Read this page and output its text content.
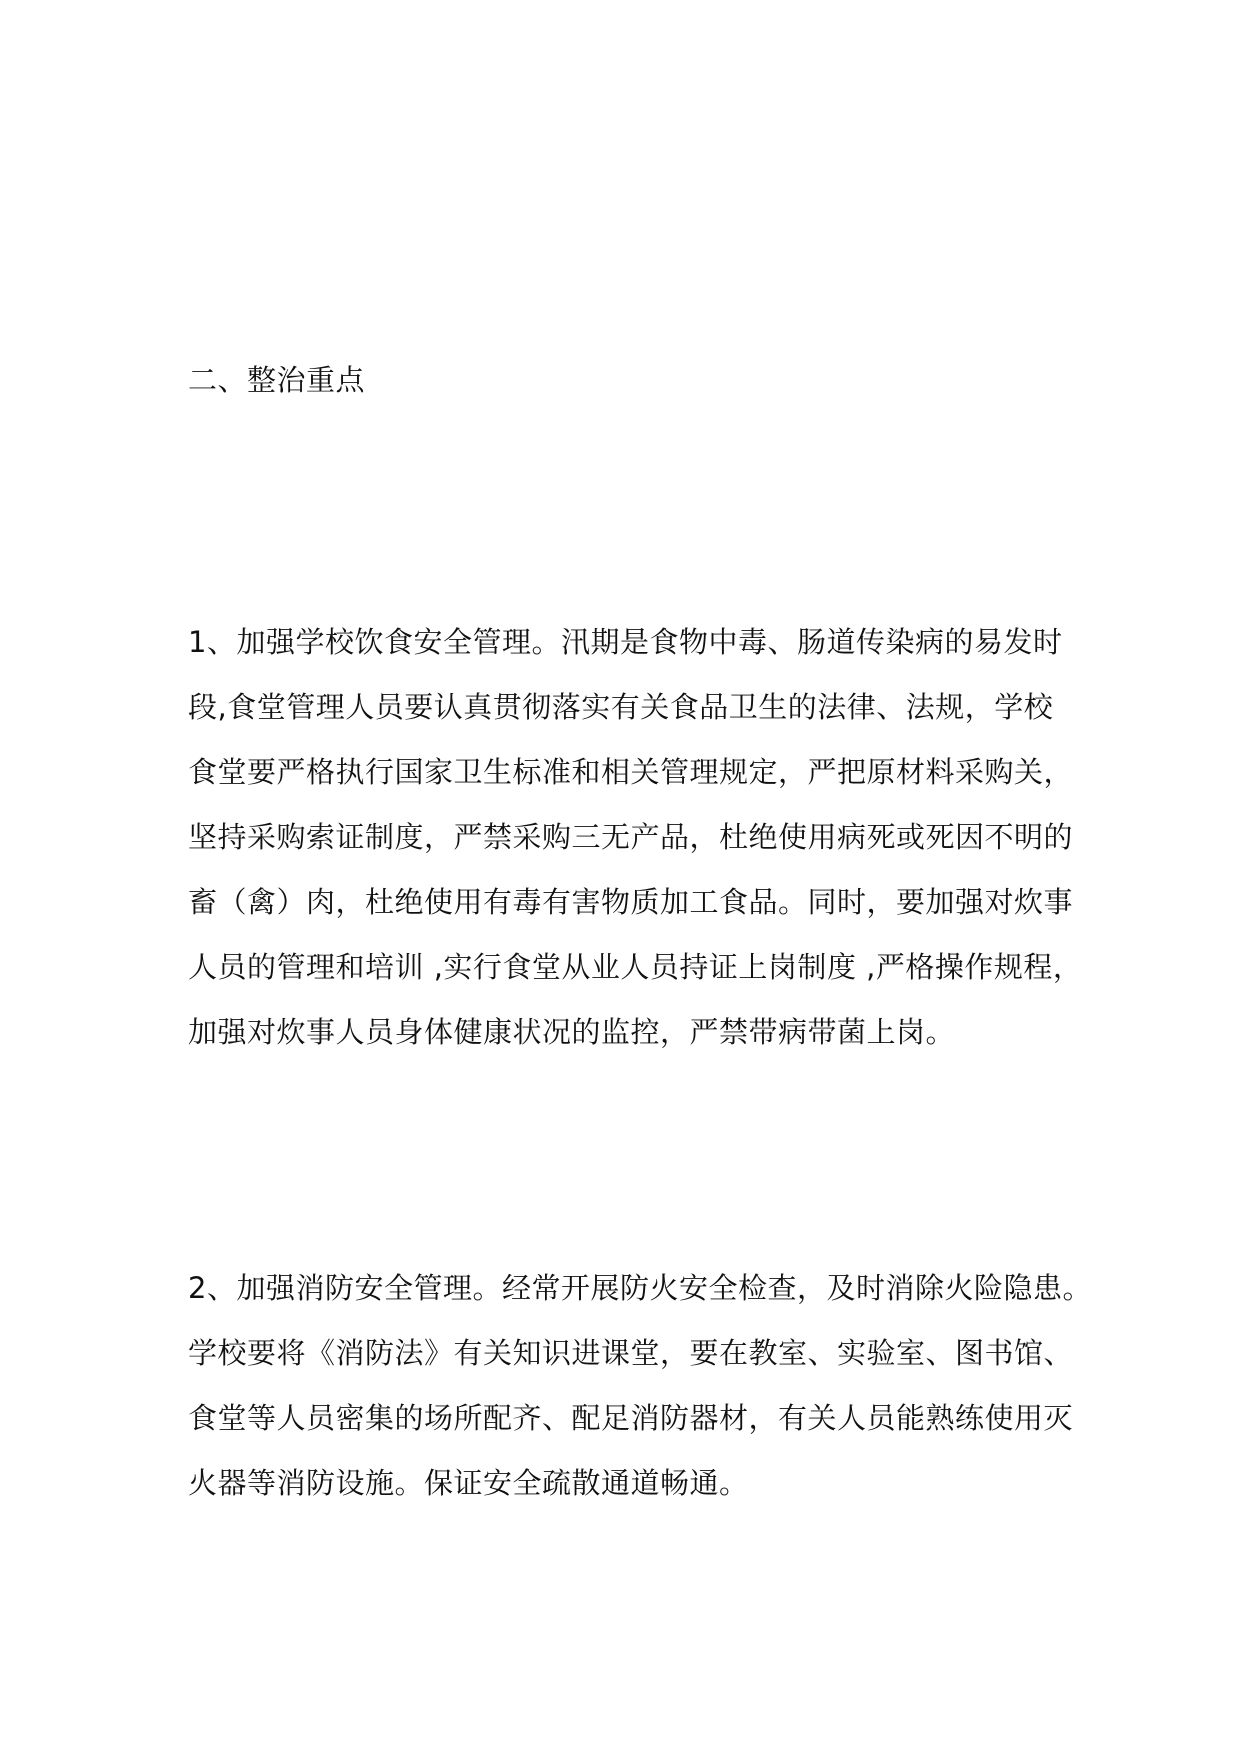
二、整治重点
1、加强学校饮食安全管理。汛期是食物中毒、肠道传染病的易发时
段,食堂管理人员要认真贯彻落实有关食品卫生的法律、法规，学校
食堂要严格执行国家卫生标准和相关管理规定，严把原材料采购关，
坚持采购索证制度，严禁采购三无产品，杜绝使用病死或死因不明的
畜（禽）肉，杜绝使用有毒有害物质加工食品。同时，要加强对炊事
人员的管理和培训 ,实行食堂从业人员持证上岗制度 ,严格操作规程，
加强对炊事人员身体健康状况的监控，严禁带病带菌上岗。
2、加强消防安全管理。经常开展防火安全检查，及时消除火险隐患。
学校要将《消防法》有关知识进课堂，要在教室、实验室、图书馆、
食堂等人员密集的场所配齐、配足消防器材，有关人员能熟练使用灭
火器等消防设施。保证安全疏散通道畅通。
